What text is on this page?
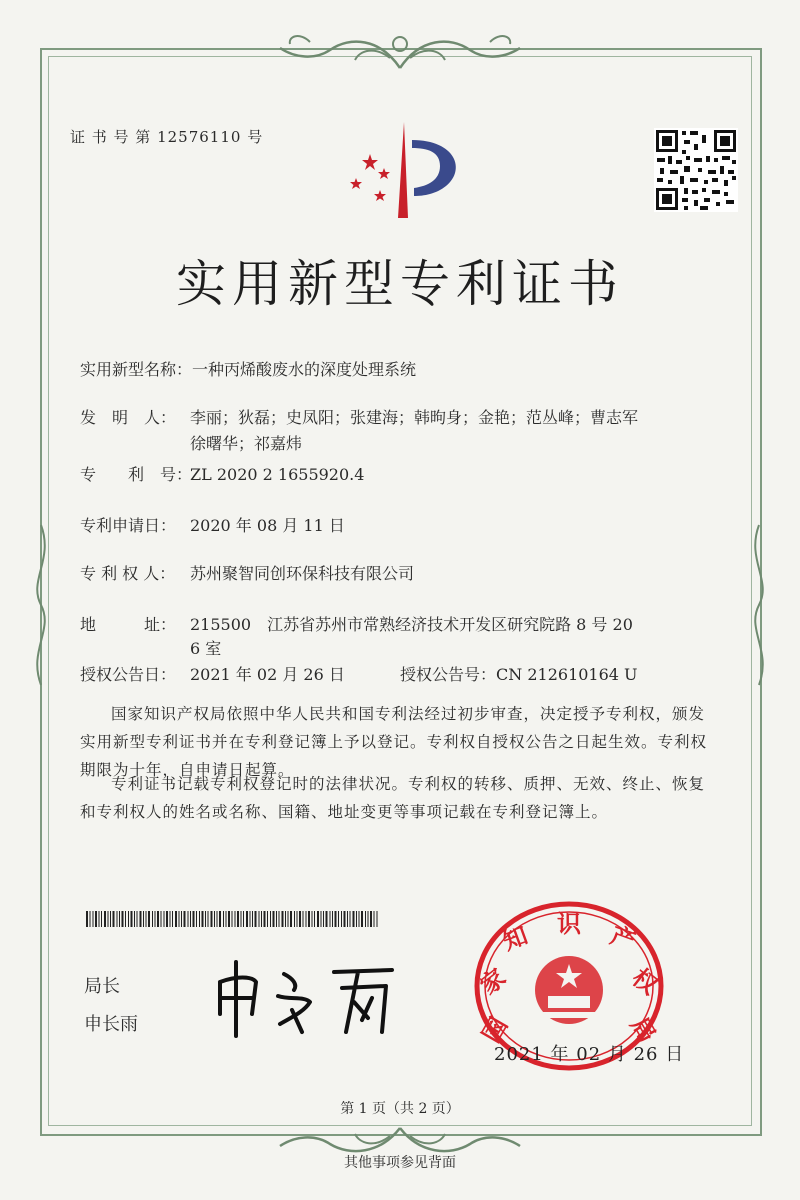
证 书 号 第 12576110 号
实用新型专利证书
实用新型名称：一种丙烯酸废水的深度处理系统
发　明　人： 李丽；狄磊；史凤阳；张建海；韩昫身；金艳；范丛峰；曹志军
徐曙华；祁嘉炜
专　　利　号：ZL 2020 2 1655920.4
专利申请日： 2020 年 08 月 11 日
专 利 权 人： 苏州聚智同创环保科技有限公司
地　　　址： 215500　江苏省苏州市常熟经济技术开发区研究院路 8 号 20
6 室
授权公告日： 2021 年 02 月 26 日	授权公告号：CN 212610164 U
国家知识产权局依照中华人民共和国专利法经过初步审查，决定授予专利权，颁发实用新型专利证书并在专利登记簿上予以登记。专利权自授权公告之日起生效。专利权期限为十年，自申请日起算。
专利证书记载专利权登记时的法律状况。专利权的转移、质押、无效、终止、恢复和专利权人的姓名或名称、国籍、地址变更等事项记载在专利登记簿上。
局长
申长雨	国
家
知 识 产
权
局
2021 年 02 月 26 日
第 1 页（共 2 页）
其他事项参见背面
